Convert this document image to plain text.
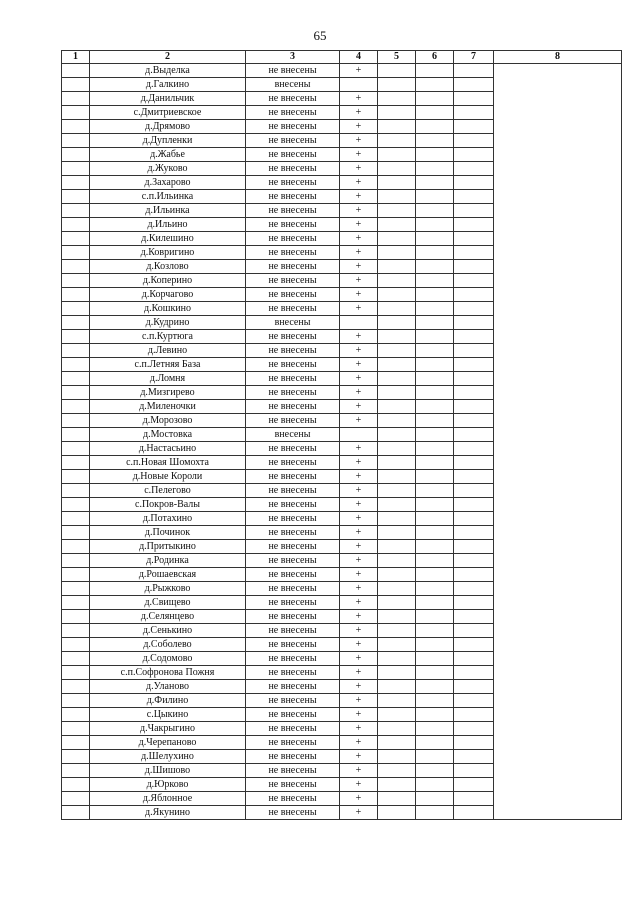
65
1	2	3	4	5	6	7	8
	д.Выделка	не внесены	+				
	д.Галкино	внесены					
	д.Данильчик	не внесены	+				
	с.Дмитриевское	не внесены	+				
	д.Дрямово	не внесены	+				
	д.Дупленки	не внесены	+				
	д.Жабье	не внесены	+				
	д.Жуково	не внесены	+				
	д.Захарово	не внесены	+				
	с.п.Ильинка	не внесены	+				
	д.Ильинка	не внесены	+				
	д.Ильино	не внесены	+				
	д.Килешино	не внесены	+				
	д.Ковригино	не внесены	+				
	д.Козлово	не внесены	+				
	д.Коперино	не внесены	+				
	д.Корчагово	не внесены	+				
	д.Кошкино	не внесены	+				
	д.Кудрино	внесены					
	с.п.Куртюга	не внесены	+				
	д.Левино	не внесены	+				
	с.п.Летняя База	не внесены	+				
	д.Ломня	не внесены	+				
	д.Мизгирево	не внесены	+				
	д.Миленочки	не внесены	+				
	д.Морозово	не внесены	+				
	д.Мостовка	внесены					
	д.Настасьино	не внесены	+				
	с.п.Новая Шомохта	не внесены	+				
	д.Новые Короли	не внесены	+				
	с.Пелегово	не внесены	+				
	с.Покров-Валы	не внесены	+				
	д.Потахино	не внесены	+				
	д.Починок	не внесены	+				
	д.Притыкино	не внесены	+				
	д.Родинка	не внесены	+				
	д.Рошаевская	не внесены	+				
	д.Рыжково	не внесены	+				
	д.Свищево	не внесены	+				
	д.Селянцево	не внесены	+				
	д.Сенькино	не внесены	+				
	д.Соболево	не внесены	+				
	д.Содомово	не внесены	+				
	с.п.Софронова Пожня	не внесены	+				
	д.Уланово	не внесены	+				
	д.Филино	не внесены	+				
	с.Цыкино	не внесены	+				
	д.Чакрыгино	не внесены	+				
	д.Черепаново	не внесены	+				
	д.Шелухино	не внесены	+				
	д.Шишово	не внесены	+				
	д.Юрково	не внесены	+				
	д.Яблонное	не внесены	+				
	д.Якунино	не внесены	+				
